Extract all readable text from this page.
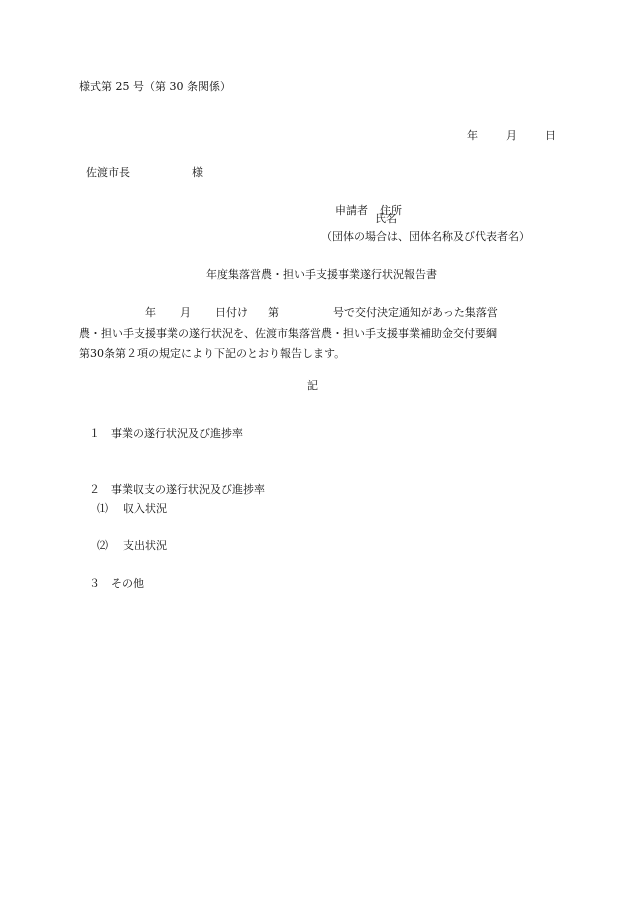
様式第 25 号（第 30 条関係）

年	月	日

佐渡市長	様

申請者 住所

氏名
（団体の場合は、団体名称及び代表者名）
年度集落営農・担い手支援事業遂行状況報告書
年 月 日付け 第	号で交付決定通知があった集落営
農・担い手支援事業の遂行状況を、佐渡市集落営農・担い手支援事業補助金交付要綱
第30条第２項の規定により下記のとおり報告します。
記

１ 事業の遂行状況及び進捗率

２ 事業収支の遂行状況及び進捗率

⑴ 収入状況

⑵ 支出状況

３ その他
